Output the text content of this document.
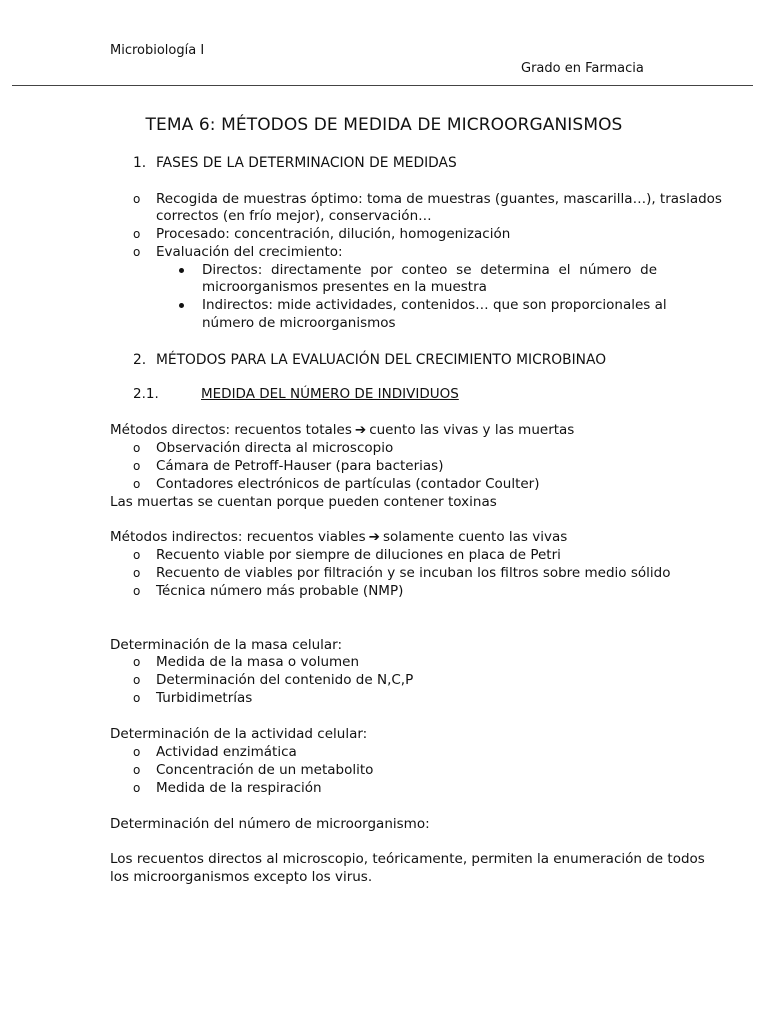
Microbiología I
Grado en Farmacia
TEMA 6: MÉTODOS DE MEDIDA DE MICROORGANISMOS
1. FASES DE LA DETERMINACION DE MEDIDAS
o Recogida de muestras óptimo: toma de muestras (guantes, mascarilla…), traslados
correctos (en frío mejor), conservación…
o Procesado: concentración, dilución, homogenización
o Evaluación del crecimiento:
Directos: directamente por conteo se determina el número de
microorganismos presentes en la muestra
Indirectos: mide actividades, contenidos… que son proporcionales al
número de microorganismos
2. MÉTODOS PARA LA EVALUACIÓN DEL CRECIMIENTO MICROBINAO
2.1.	MEDIDA DEL NÚMERO DE INDIVIDUOS
Métodos directos: recuentos totales ➔ cuento las vivas y las muertas
o Observación directa al microscopio
o Cámara de Petroff-Hauser (para bacterias)
o Contadores electrónicos de partículas (contador Coulter)
Las muertas se cuentan porque pueden contener toxinas
Métodos indirectos: recuentos viables ➔ solamente cuento las vivas
o Recuento viable por siempre de diluciones en placa de Petri
o Recuento de viables por filtración y se incuban los filtros sobre medio sólido
o Técnica número más probable (NMP)
Determinación de la masa celular:
o Medida de la masa o volumen
o Determinación del contenido de N,C,P
o Turbidimetrías
Determinación de la actividad celular:
o Actividad enzimática
o Concentración de un metabolito
o Medida de la respiración
Determinación del número de microorganismo:
Los recuentos directos al microscopio, teóricamente, permiten la enumeración de todos
los microorganismos excepto los virus.
